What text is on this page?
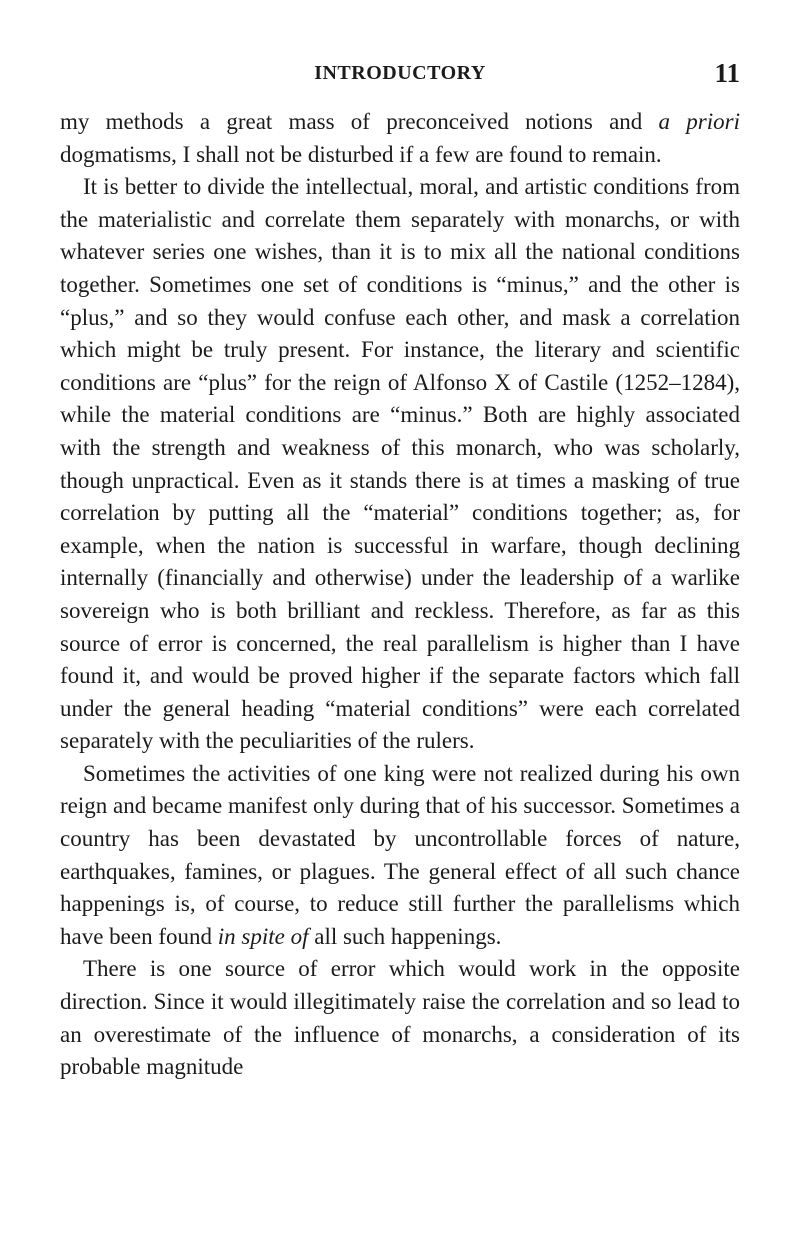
INTRODUCTORY	11

my methods a great mass of preconceived notions and a priori dogmatisms, I shall not be disturbed if a few are found to remain.

It is better to divide the intellectual, moral, and artistic conditions from the materialistic and correlate them separately with monarchs, or with whatever series one wishes, than it is to mix all the national conditions together. Sometimes one set of conditions is “minus,” and the other is “plus,” and so they would confuse each other, and mask a correlation which might be truly present. For instance, the literary and scientific conditions are “plus” for the reign of Alfonso X of Castile (1252–1284), while the material conditions are “minus.” Both are highly associated with the strength and weakness of this monarch, who was scholarly, though unpractical. Even as it stands there is at times a masking of true correlation by putting all the “material” conditions together; as, for example, when the nation is successful in warfare, though declining internally (financially and otherwise) under the leadership of a warlike sovereign who is both brilliant and reckless. Therefore, as far as this source of error is concerned, the real parallelism is higher than I have found it, and would be proved higher if the separate factors which fall under the general heading “material conditions” were each correlated separately with the peculiarities of the rulers.

Sometimes the activities of one king were not realized during his own reign and became manifest only during that of his successor. Sometimes a country has been devastated by uncontrollable forces of nature, earthquakes, famines, or plagues. The general effect of all such chance happenings is, of course, to reduce still further the parallelisms which have been found in spite of all such happenings.

There is one source of error which would work in the opposite direction. Since it would illegitimately raise the correlation and so lead to an overestimate of the influence of monarchs, a consideration of its probable magnitude
